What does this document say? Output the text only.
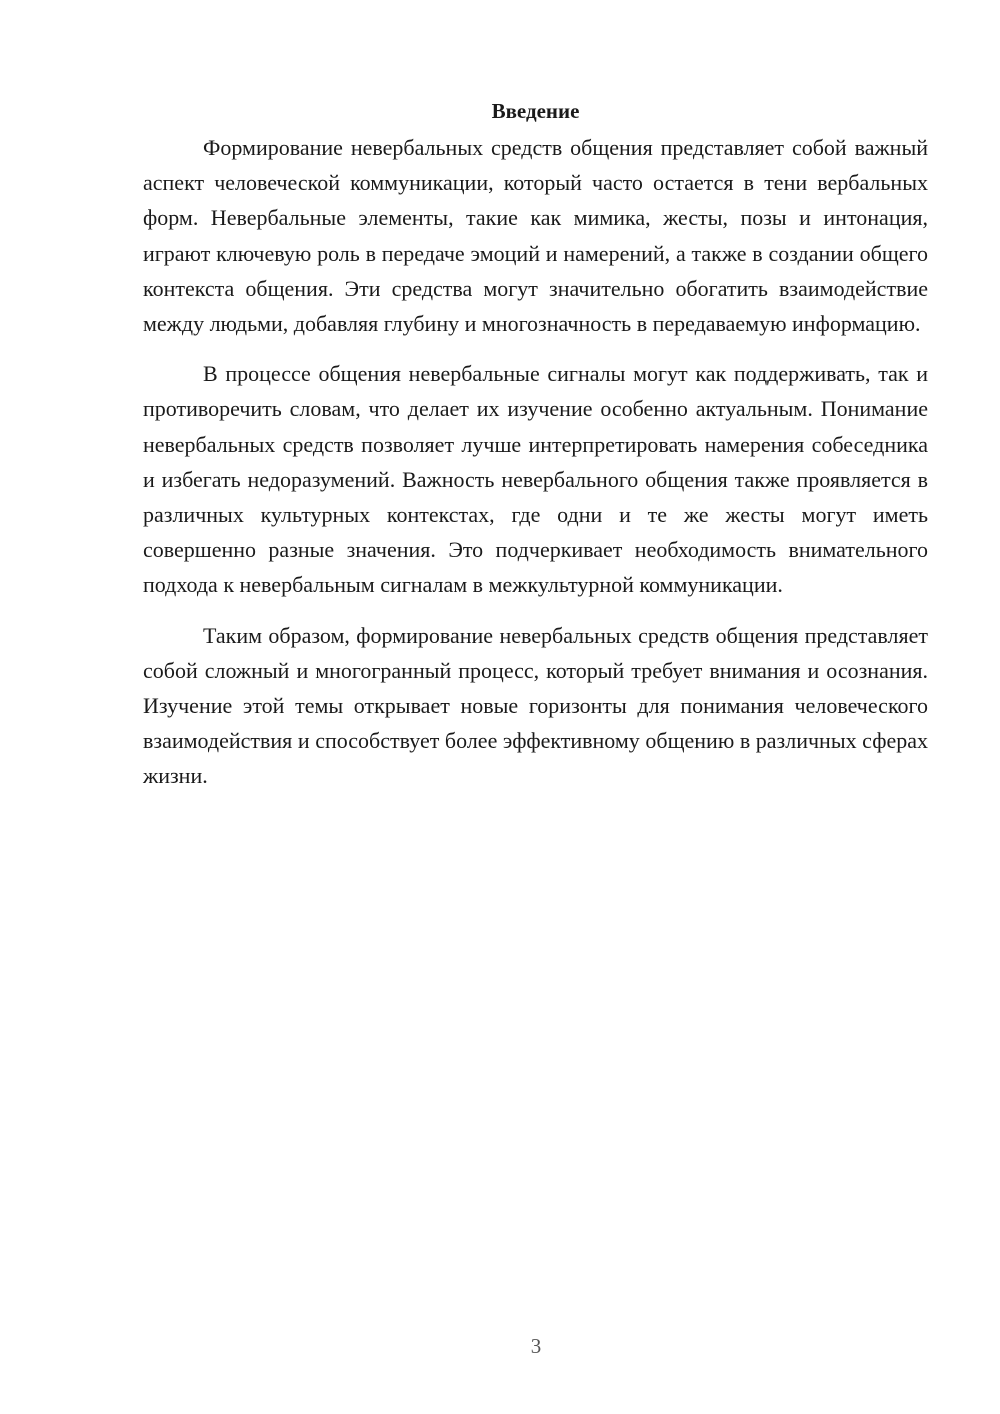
Введение

Формирование невербальных средств общения представляет собой важный аспект человеческой коммуникации, который часто остается в тени вербальных форм. Невербальные элементы, такие как мимика, жесты, позы и интонация, играют ключевую роль в передаче эмоций и намерений, а также в создании общего контекста общения. Эти средства могут значительно обогатить взаимодействие между людьми, добавляя глубину и многозначность в передаваемую информацию.

В процессе общения невербальные сигналы могут как поддерживать, так и противоречить словам, что делает их изучение особенно актуальным. Понимание невербальных средств позволяет лучше интерпретировать намерения собеседника и избегать недоразумений. Важность невербального общения также проявляется в различных культурных контекстах, где одни и те же жесты могут иметь совершенно разные значения. Это подчеркивает необходимость внимательного подхода к невербальным сигналам в межкультурной коммуникации.

Таким образом, формирование невербальных средств общения представляет собой сложный и многогранный процесс, который требует внимания и осознания. Изучение этой темы открывает новые горизонты для понимания человеческого взаимодействия и способствует более эффективному общению в различных сферах жизни.

3
